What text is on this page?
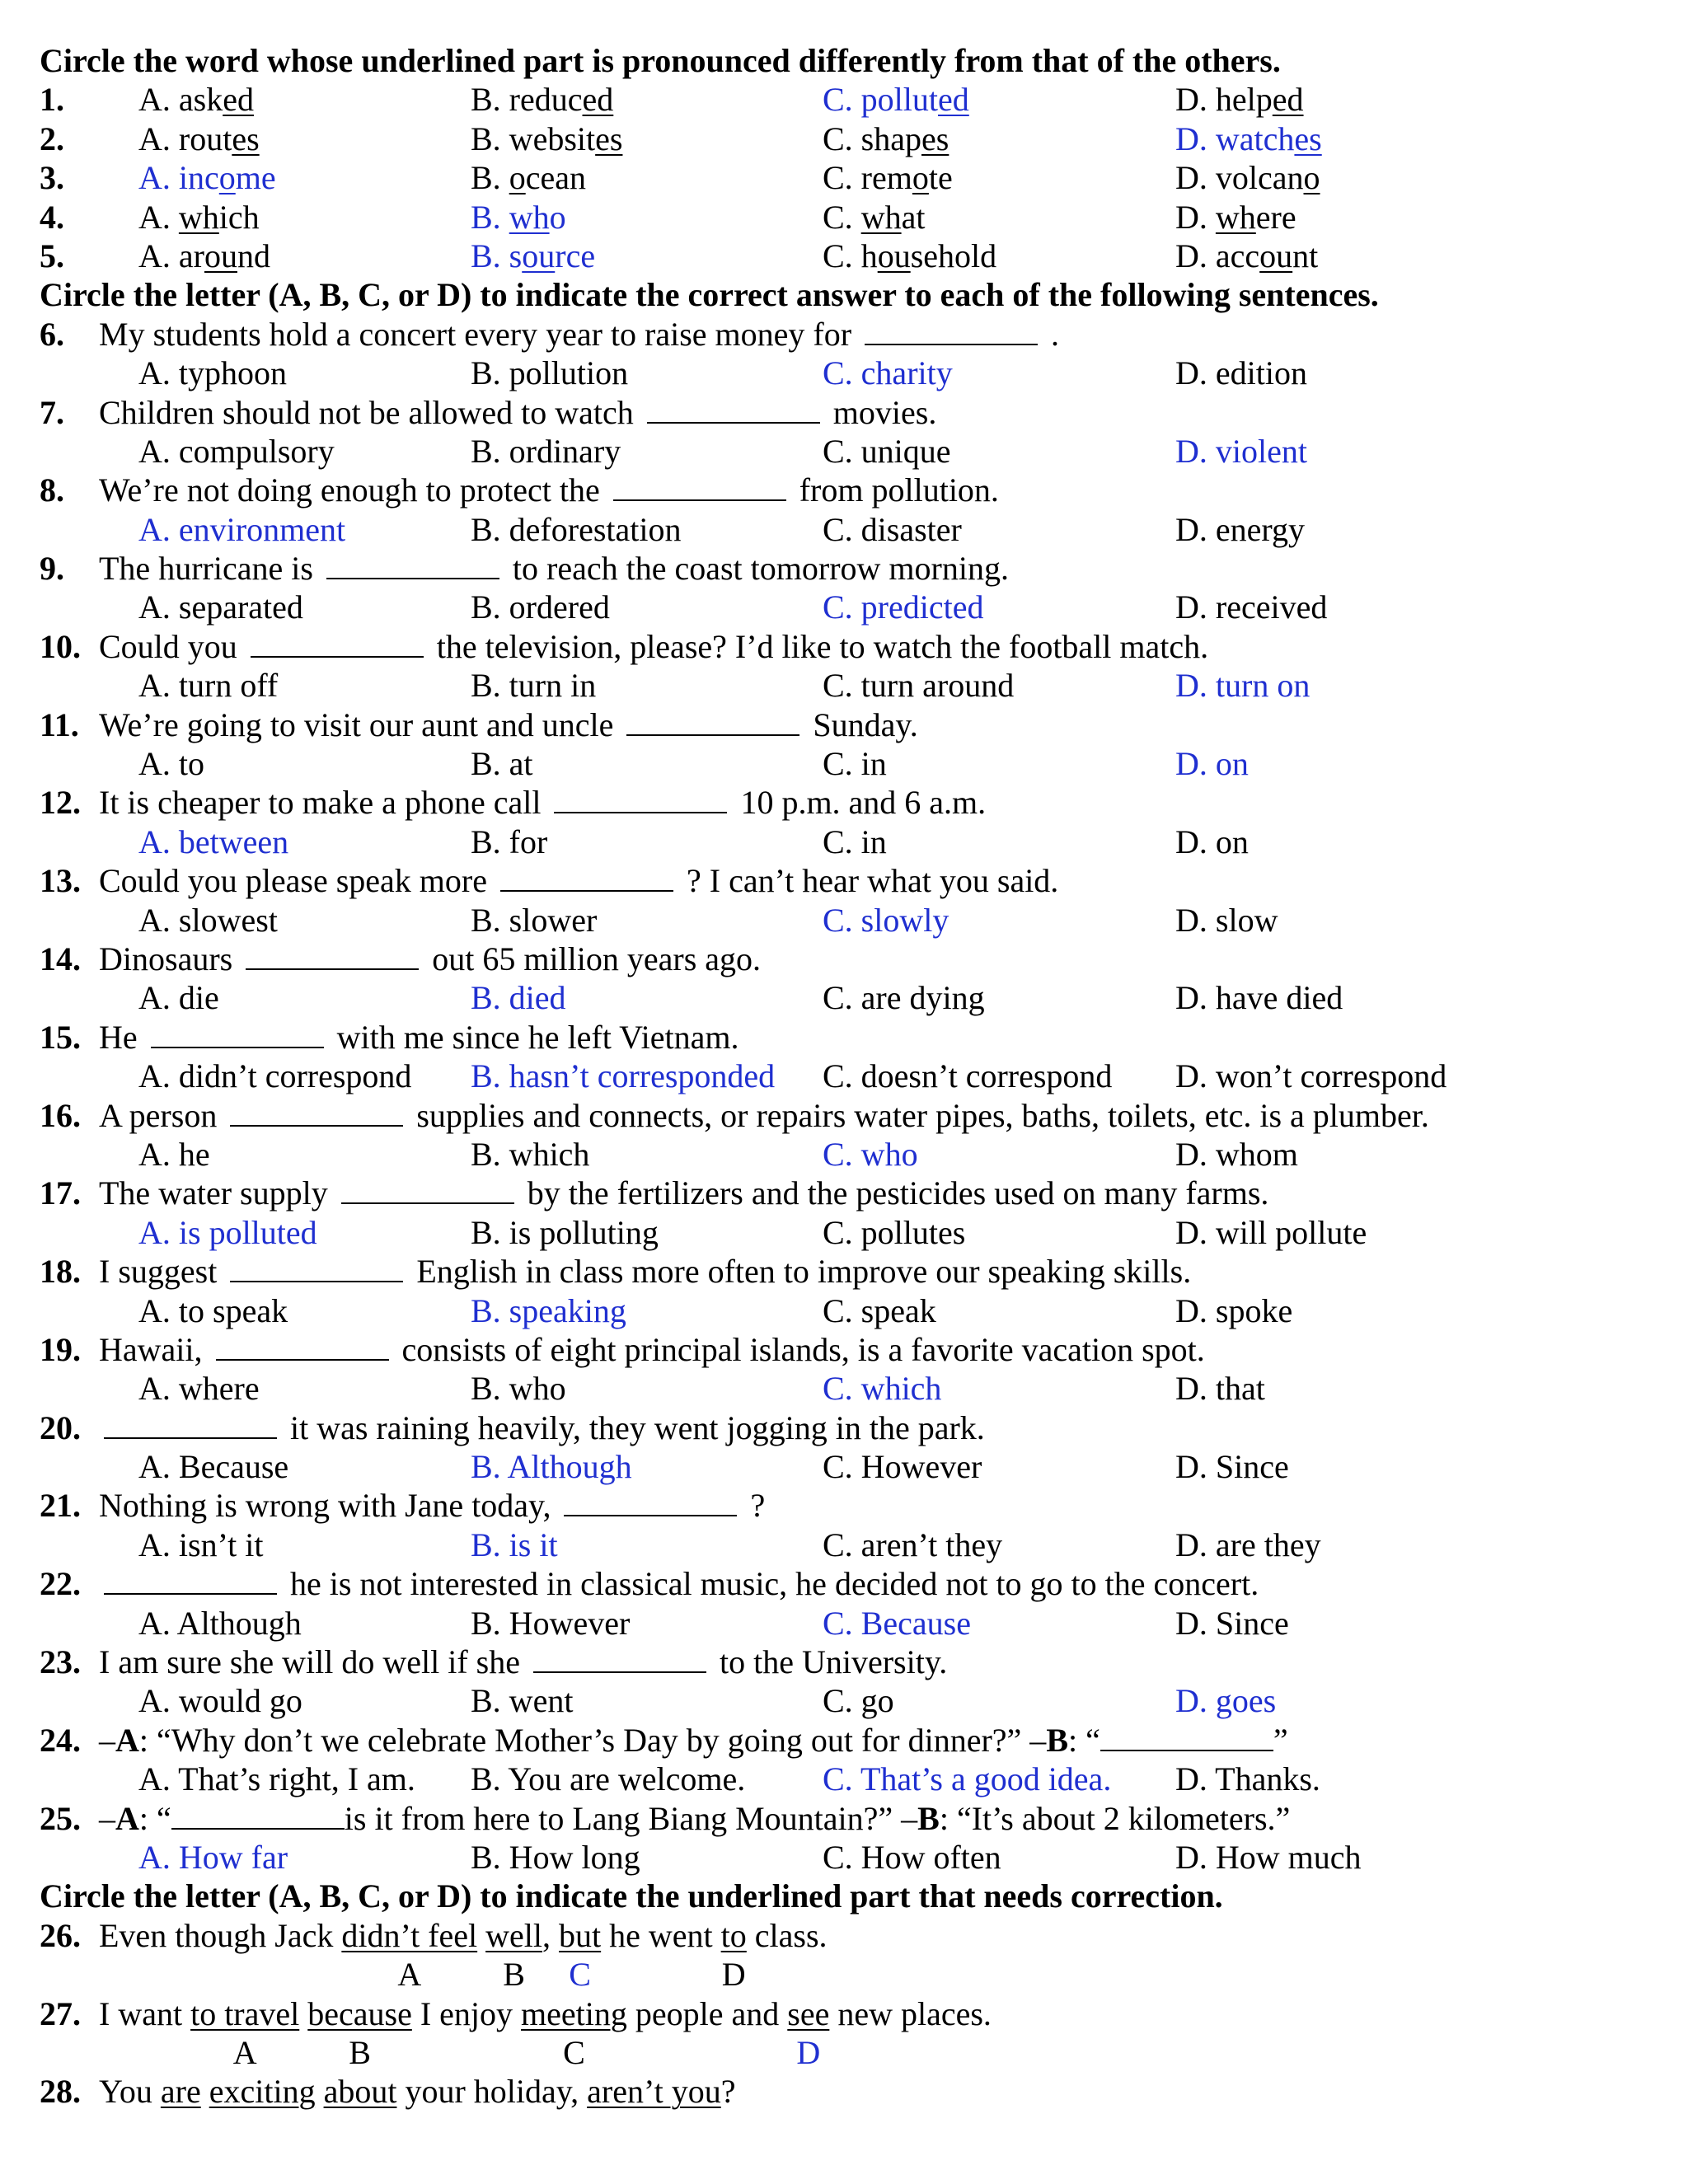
Circle the word whose underlined part is pronounced differently from that of the others.
1. A. asked	B. reduced	C. polluted	D. helped
2. A. routes	B. websites	C. shapes	D. watches
3. A. income	B. ocean	C. remote	D. volcano
4. A. which	B. who	C. what	D. where
5. A. around	B. source	C. household	D. account
Circle the letter (A, B, C, or D) to indicate the correct answer to each of the following sentences.
6. My students hold a concert every year to raise money for	.
A. typhoon	B. pollution	C. charity	D. edition
7. Children should not be allowed to watch	movies.
A. compulsory	B. ordinary	C. unique	D. violent
8. We’re not doing enough to protect the	from pollution.
A. environment	B. deforestation	C. disaster	D. energy
9. The hurricane is	to reach the coast tomorrow morning.
A. separated	B. ordered	C. predicted	D. received
10. Could you	the television, please? I’d like to watch the football match.
A. turn off	B. turn in	C. turn around	D. turn on
11. We’re going to visit our aunt and uncle	Sunday.
A. to	B. at	C. in	D. on
12. It is cheaper to make a phone call	10 p.m. and 6 a.m.
A. between	B. for	C. in	D. on
13. Could you please speak more	? I can’t hear what you said.
A. slowest	B. slower	C. slowly	D. slow
14. Dinosaurs	out 65 million years ago.
A. die	B. died	C. are dying	D. have died
15. He	with me since he left Vietnam.
A. didn’t correspond B. hasn’t corresponded C. doesn’t correspond D. won’t correspond
16. A person	supplies and connects, or repairs water pipes, baths, toilets, etc. is a plumber.
A. he	B. which	C. who	D. whom
17. The water supply	by the fertilizers and the pesticides used on many farms.
A. is polluted	B. is polluting	C. pollutes	D. will pollute
18. I suggest	English in class more often to improve our speaking skills.
A. to speak	B. speaking	C. speak	D. spoke
19. Hawaii,	consists of eight principal islands, is a favorite vacation spot.
A. where	B. who	C. which	D. that
20.	it was raining heavily, they went jogging in the park.
A. Because	B. Although	C. However	D. Since
21. Nothing is wrong with Jane today,	?
A. isn’t it	B. is it	C. aren’t they	D. are they
22.	he is not interested in classical music, he decided not to go to the concert.
A. Although	B. However	C. Because	D. Since
23. I am sure she will do well if she	to the University.
A. would go	B. went	C. go	D. goes
24. –A: “Why don’t we celebrate Mother’s Day by going out for dinner?” –B: “	”
A. That’s right, I am. B. You are welcome. C. That’s a good idea. D. Thanks.
25. –A: “	is it from here to Lang Biang Mountain?” –B: “It’s about 2 kilometers.”
A. How far	B. How long	C. How often	D. How much
Circle the letter (A, B, C, or D) to indicate the underlined part that needs correction.
26. Even though Jack didn’t feel well, but he went to class.
A B C	D
27. I want to travel because I enjoy meeting people and see new places.
A	B	C	D
28. You are exciting about your holiday, aren’t you?
